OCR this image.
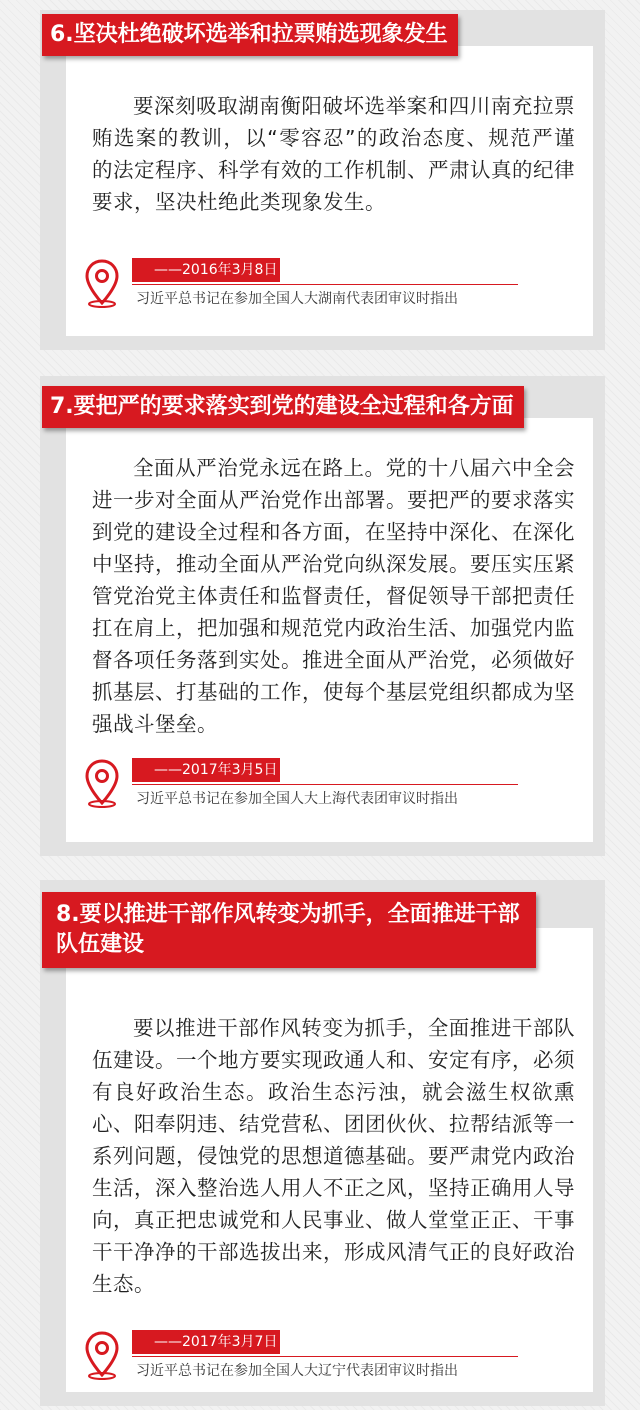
要深刻吸取湖南衡阳破坏选举案和四川南充拉票贿选案的教训，以“零容忍”的政治态度、规范严谨的法定程序、科学有效的工作机制、严肃认真的纪律要求，坚决杜绝此类现象发生。
——2016年3月8日
习近平总书记在参加全国人大湖南代表团审议时指出
6.坚决杜绝破坏选举和拉票贿选现象发生
全面从严治党永远在路上。党的十八届六中全会进一步对全面从严治党作出部署。要把严的要求落实到党的建设全过程和各方面，在坚持中深化、在深化中坚持，推动全面从严治党向纵深发展。要压实压紧管党治党主体责任和监督责任，督促领导干部把责任扛在肩上，把加强和规范党内政治生活、加强党内监督各项任务落到实处。推进全面从严治党，必须做好抓基层、打基础的工作，使每个基层党组织都成为坚强战斗堡垒。
——2017年3月5日
习近平总书记在参加全国人大上海代表团审议时指出
7.要把严的要求落实到党的建设全过程和各方面
要以推进干部作风转变为抓手，全面推进干部队伍建设。一个地方要实现政通人和、安定有序，必须有良好政治生态。政治生态污浊，就会滋生权欲熏心、阳奉阴违、结党营私、团团伙伙、拉帮结派等一系列问题，侵蚀党的思想道德基础。要严肃党内政治生活，深入整治选人用人不正之风，坚持正确用人导向，真正把忠诚党和人民事业、做人堂堂正正、干事干干净净的干部选拔出来，形成风清气正的良好政治生态。
——2017年3月7日
习近平总书记在参加全国人大辽宁代表团审议时指出
8.要以推进干部作风转变为抓手，全面推进干部队伍建设
